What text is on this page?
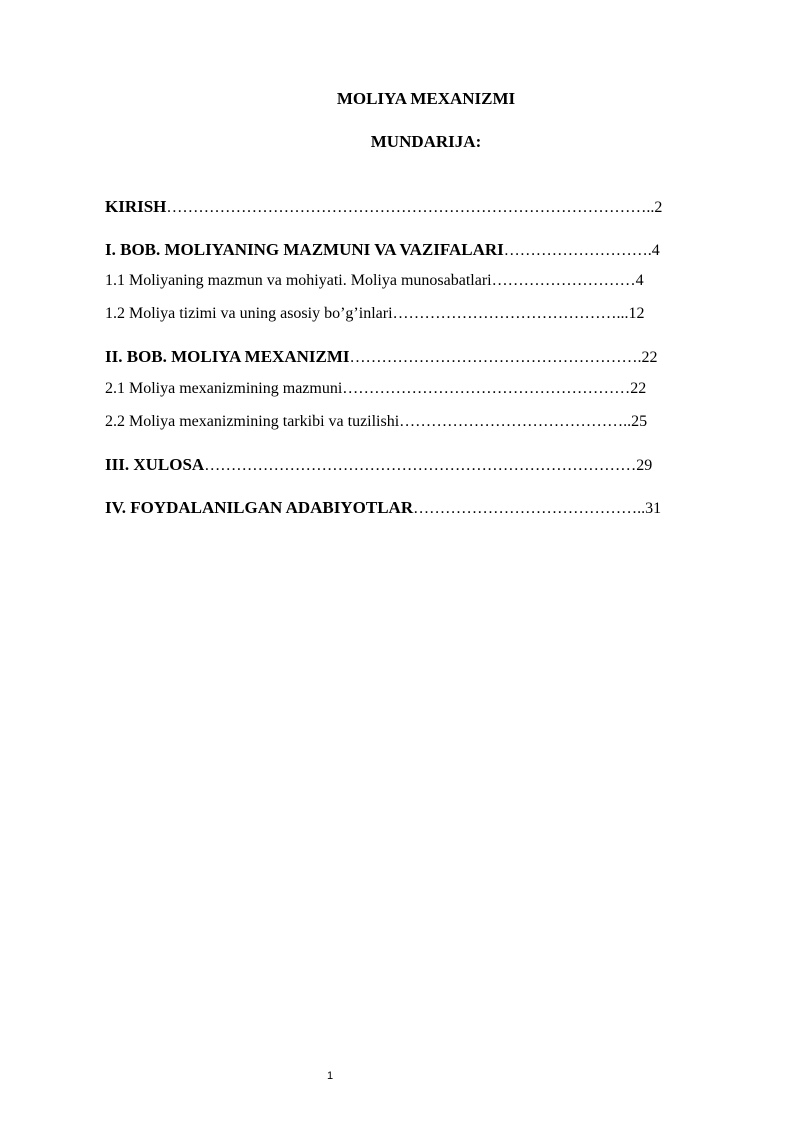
MOLIYA MEXANIZMI
MUNDARIJA:
KIRISH………………………………………………………………………………..2
I. BOB. MOLIYANING MAZMUNI VA VAZIFALARI……………………….4
1.1 Moliyaning mazmun va mohiyati. Moliya munosabatlari………………………4
1.2 Moliya tizimi va uning asosiy bo’g’inlari……………………………………...12
II. BOB. MOLIYA MEXANIZMI……………………………………………….22
2.1 Moliya mexanizmining mazmuni………………………………………………22
2.2 Moliya mexanizmining tarkibi va tuzilishi……………………………………..25
III. XULOSA………………………………………………………………………29
IV. FOYDALANILGAN ADABIYOTLAR……………………………………..31
1
